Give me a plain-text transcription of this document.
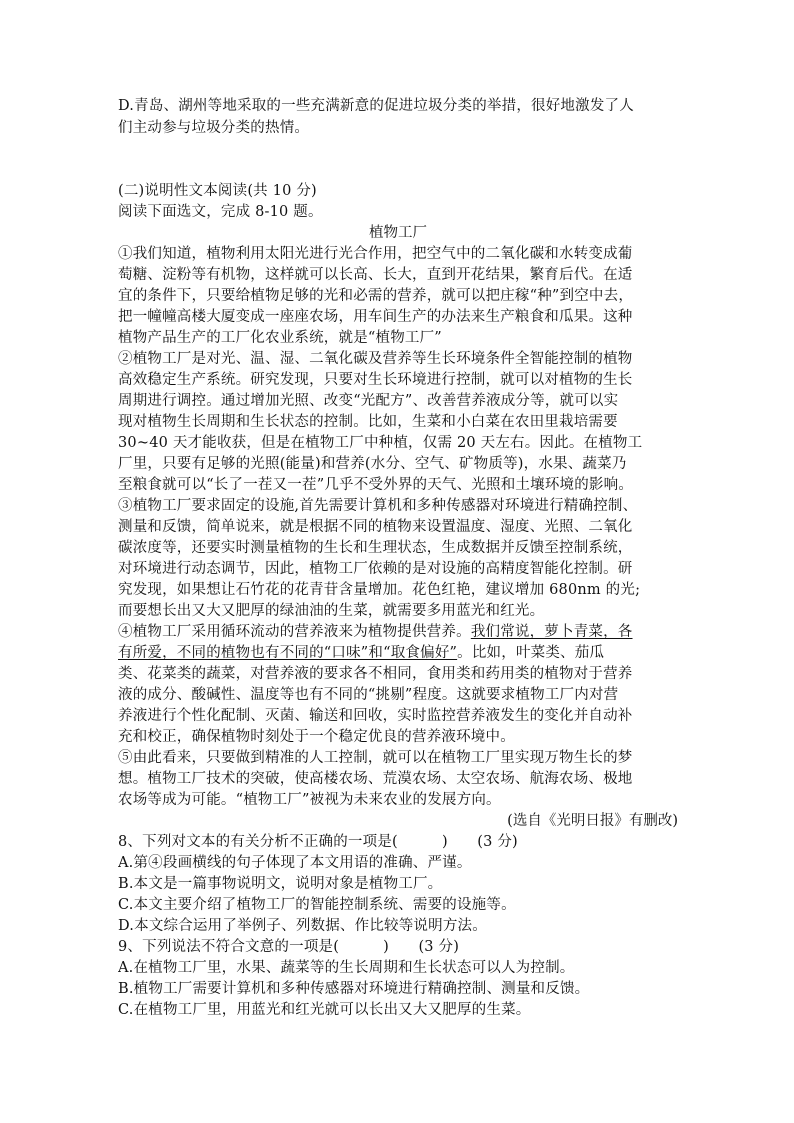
D.青岛、湖州等地采取的一些充满新意的促进垃圾分类的举措，很好地激发了人
们主动参与垃圾分类的热情。
(二)说明性文本阅读(共 10 分)
阅读下面选文，完成 8-10 题。
植物工厂
①我们知道，植物利用太阳光进行光合作用，把空气中的二氧化碳和水转变成葡
萄糖、淀粉等有机物，这样就可以长高、长大，直到开花结果，繁育后代。在适
宜的条件下，只要给植物足够的光和必需的营养，就可以把庄稼“种”到空中去，
把一幢幢高楼大厦变成一座座农场，用车间生产的办法来生产粮食和瓜果。这种
植物产品生产的工厂化农业系统，就是“植物工厂”
②植物工厂是对光、温、湿、二氧化碳及营养等生长环境条件全智能控制的植物
高效稳定生产系统。研究发现，只要对生长环境进行控制，就可以对植物的生长
周期进行调控。通过增加光照、改变“光配方”、改善营养液成分等，就可以实
现对植物生长周期和生长状态的控制。比如，生菜和小白菜在农田里栽培需要
30~40 天才能收获，但是在植物工厂中种植，仅需 20 天左右。因此。在植物工
厂里，只要有足够的光照(能量)和营养(水分、空气、矿物质等)，水果、蔬菜乃
至粮食就可以“长了一茬又一茬”几乎不受外界的天气、光照和土壤环境的影响。
③植物工厂要求固定的设施,首先需要计算机和多种传感器对环境进行精确控制、
测量和反馈，简单说来，就是根据不同的植物来设置温度、湿度、光照、二氧化
碳浓度等，还要实时测量植物的生长和生理状态，生成数据并反馈至控制系统，
对环境进行动态调节，因此，植物工厂依赖的是对设施的高精度智能化控制。研
究发现，如果想让石竹花的花青苷含量增加。花色红艳，建议增加 680nm 的光;
而要想长出又大又肥厚的绿油油的生菜，就需要多用蓝光和红光。
④植物工厂采用循环流动的营养液来为植物提供营养。我们常说，萝卜青菜，各
有所爱，不同的植物也有不同的“口味”和“取食偏好”。比如，叶菜类、茄瓜
类、花菜类的蔬菜，对营养液的要求各不相同，食用类和药用类的植物对于营养
液的成分、酸碱性、温度等也有不同的“挑剔”程度。这就要求植物工厂内对营
养液进行个性化配制、灭菌、输送和回收，实时监控营养液发生的变化并自动补
充和校正，确保植物时刻处于一个稳定优良的营养液环境中。
⑤由此看来，只要做到精准的人工控制，就可以在植物工厂里实现万物生长的梦
想。植物工厂技术的突破，使高楼农场、荒漠农场、太空农场、航海农场、极地
农场等成为可能。“植物工厂”被视为未来农业的发展方向。
(选自《光明日报》有删改)
8、下列对文本的有关分析不正确的一项是(　　　)　　(3 分)
A.第④段画横线的句子体现了本文用语的准确、严谨。
B.本文是一篇事物说明文，说明对象是植物工厂。
C.本文主要介绍了植物工厂的智能控制系统、需要的设施等。
D.本文综合运用了举例子、列数据、作比较等说明方法。
9、下列说法不符合文意的一项是(　　　)　　(3 分)
A.在植物工厂里，水果、蔬菜等的生长周期和生长状态可以人为控制。
B.植物工厂需要计算机和多种传感器对环境进行精确控制、测量和反馈。
C.在植物工厂里，用蓝光和红光就可以长出又大又肥厚的生菜。
